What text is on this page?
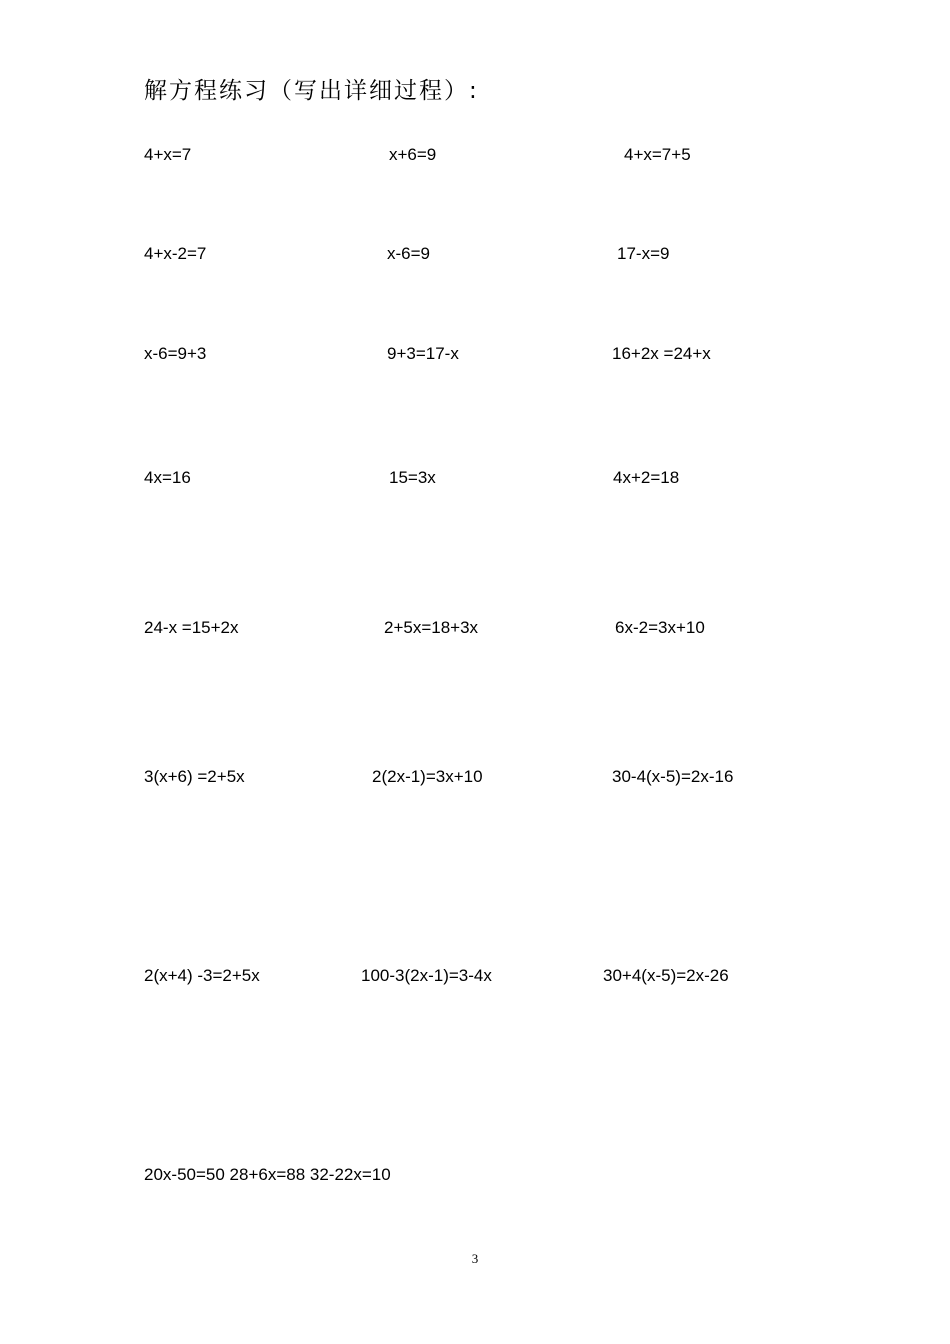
解方程练习（写出详细过程）:
4+x=7	x+6=9	4+x=7+5
4+x-2=7	x-6=9	17-x=9
x-6=9+3	9+3=17-x	16+2x =24+x
4x=16	15=3x	4x+2=18
24-x =15+2x	2+5x=18+3x	6x-2=3x+10
3(x+6) =2+5x	2(2x-1)=3x+10	30-4(x-5)=2x-16
2(x+4) -3=2+5x	100-3(2x-1)=3-4x	30+4(x-5)=2x-26
20x-50=50 28+6x=88 32-22x=10
3
